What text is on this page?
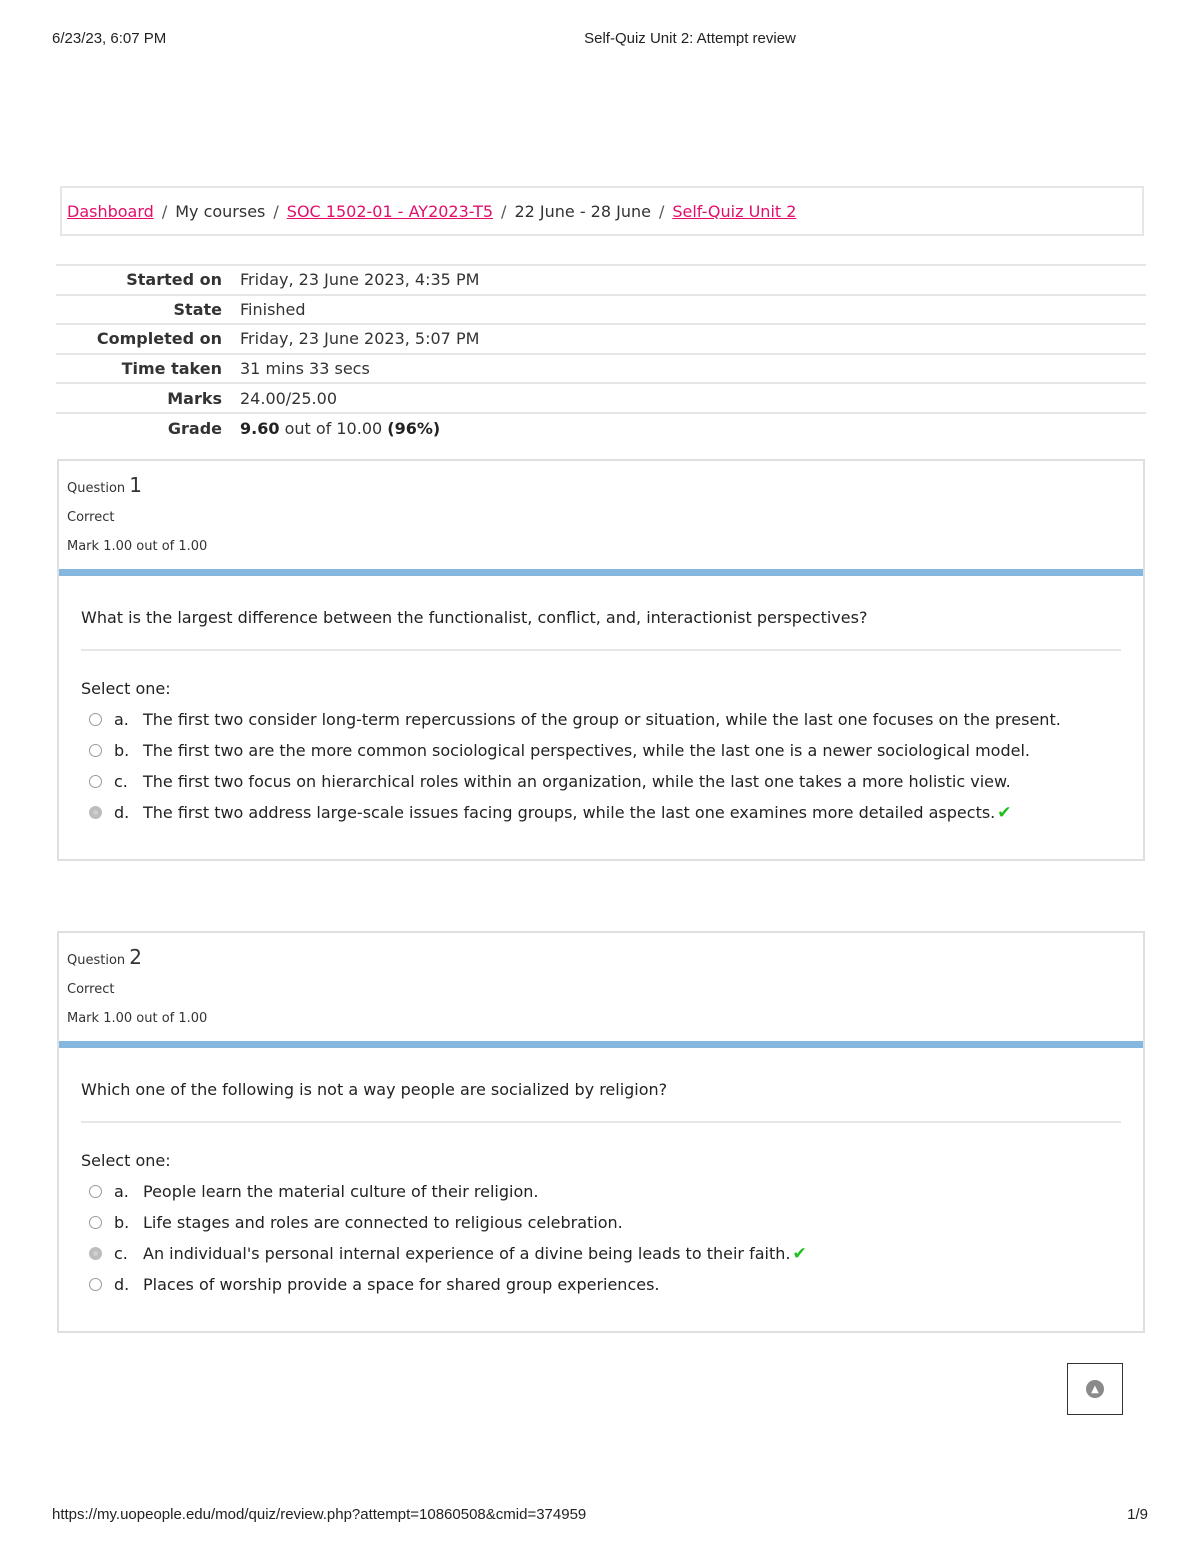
6/23/23, 6:07 PM	Self-Quiz Unit 2: Attempt review
Dashboard / My courses / SOC 1502-01 - AY2023-T5 / 22 June - 28 June / Self-Quiz Unit 2
Started on	Friday, 23 June 2023, 4:35 PM
State	Finished
Completed on	Friday, 23 June 2023, 5:07 PM
Time taken	31 mins 33 secs
Marks	24.00/25.00
Grade	9.60 out of 10.00 (96%)
Question 1
Correct
Mark 1.00 out of 1.00
What is the largest difference between the functionalist, conflict, and, interactionist perspectives?
Select one:
a. The first two consider long-term repercussions of the group or situation, while the last one focuses on the present.
b. The first two are the more common sociological perspectives, while the last one is a newer sociological model.
c. The first two focus on hierarchical roles within an organization, while the last one takes a more holistic view.
d. The first two address large-scale issues facing groups, while the last one examines more detailed aspects. ✔
Question 2
Correct
Mark 1.00 out of 1.00
Which one of the following is not a way people are socialized by religion?
Select one:
a. People learn the material culture of their religion.
b. Life stages and roles are connected to religious celebration.
c. An individual's personal internal experience of a divine being leads to their faith. ✔
d. Places of worship provide a space for shared group experiences.
▲
https://my.uopeople.edu/mod/quiz/review.php?attempt=10860508&cmid=374959	1/9
